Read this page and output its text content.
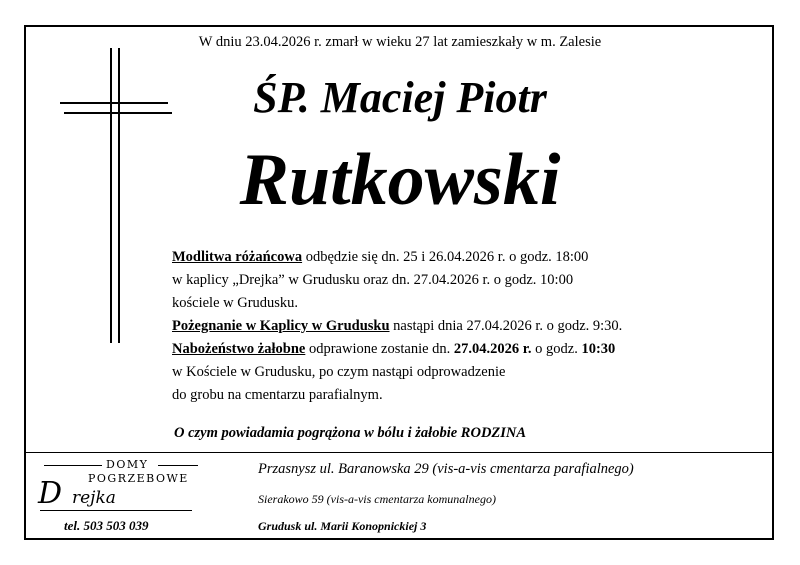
W dniu 23.04.2026 r. zmarł w wieku 27 lat zamieszkały w m. Zalesie
ŚP. Maciej Piotr
Rutkowski
Modlitwa różańcowa odbędzie się dn. 25 i 26.04.2026 r. o godz. 18:00
w kaplicy „Drejka” w Grudusku oraz dn. 27.04.2026 r. o godz. 10:00
kościele w Grudusku.
Pożegnanie w Kaplicy w Grudusku nastąpi dnia 27.04.2026 r. o godz. 9:30.
Nabożeństwo żałobne odprawione zostanie dn. 27.04.2026 r. o godz. 10:30
w Kościele w Grudusku, po czym nastąpi odprowadzenie
do grobu na cmentarzu parafialnym.
O czym powiadamia pogrążona w bólu i żałobie RODZINA
DOMY
POGRZEBOWE
D rejka
tel. 503 503 039
Przasnysz ul. Baranowska 29 (vis-a-vis cmentarza parafialnego)
Sierakowo 59 (vis-a-vis cmentarza komunalnego)
Grudusk ul. Marii Konopnickiej 3
